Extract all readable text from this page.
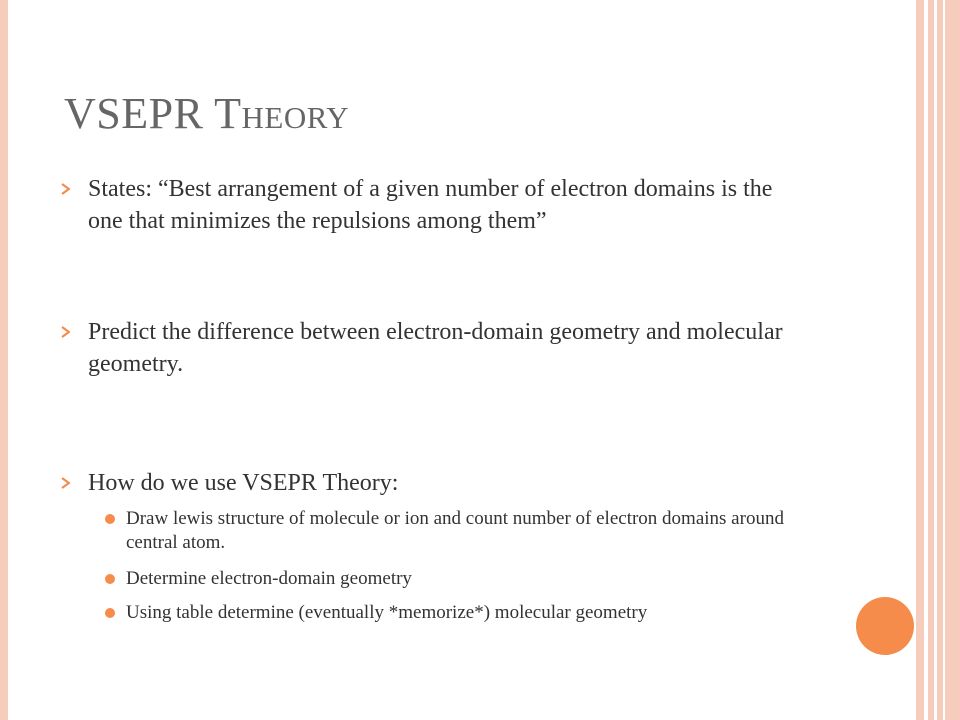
VSEPR Theory
States: “Best arrangement of a given number of electron domains is the one that minimizes the repulsions among them”
Predict the difference between electron-domain geometry and molecular geometry.
How do we use VSEPR Theory:
Draw lewis structure of molecule or ion and count number of electron domains around central atom.
Determine electron-domain geometry
Using table determine (eventually *memorize*) molecular geometry
